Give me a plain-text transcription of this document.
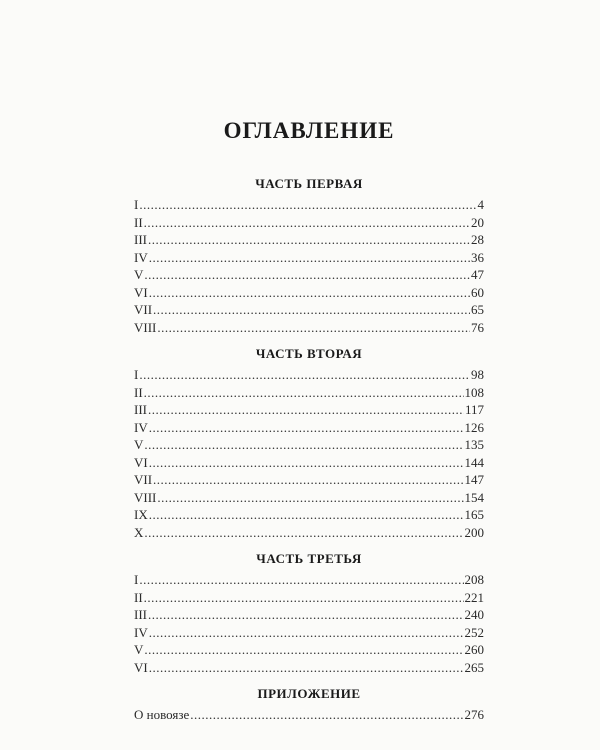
ОГЛАВЛЕНИЕ
ЧАСТЬ ПЕРВАЯ
I .....	4
II .....	20
III .....	28
IV .....	36
V .....	47
VI .....	60
VII .....	65
VIII .....	76
ЧАСТЬ ВТОРАЯ
I .....	98
II .....	108
III .....	117
IV .....	126
V .....	135
VI .....	144
VII .....	147
VIII .....	154
IX .....	165
X .....	200
ЧАСТЬ ТРЕТЬЯ
I .....	208
II .....	221
III .....	240
IV .....	252
V .....	260
VI .....	265
ПРИЛОЖЕНИЕ
О новоязе .....	276
